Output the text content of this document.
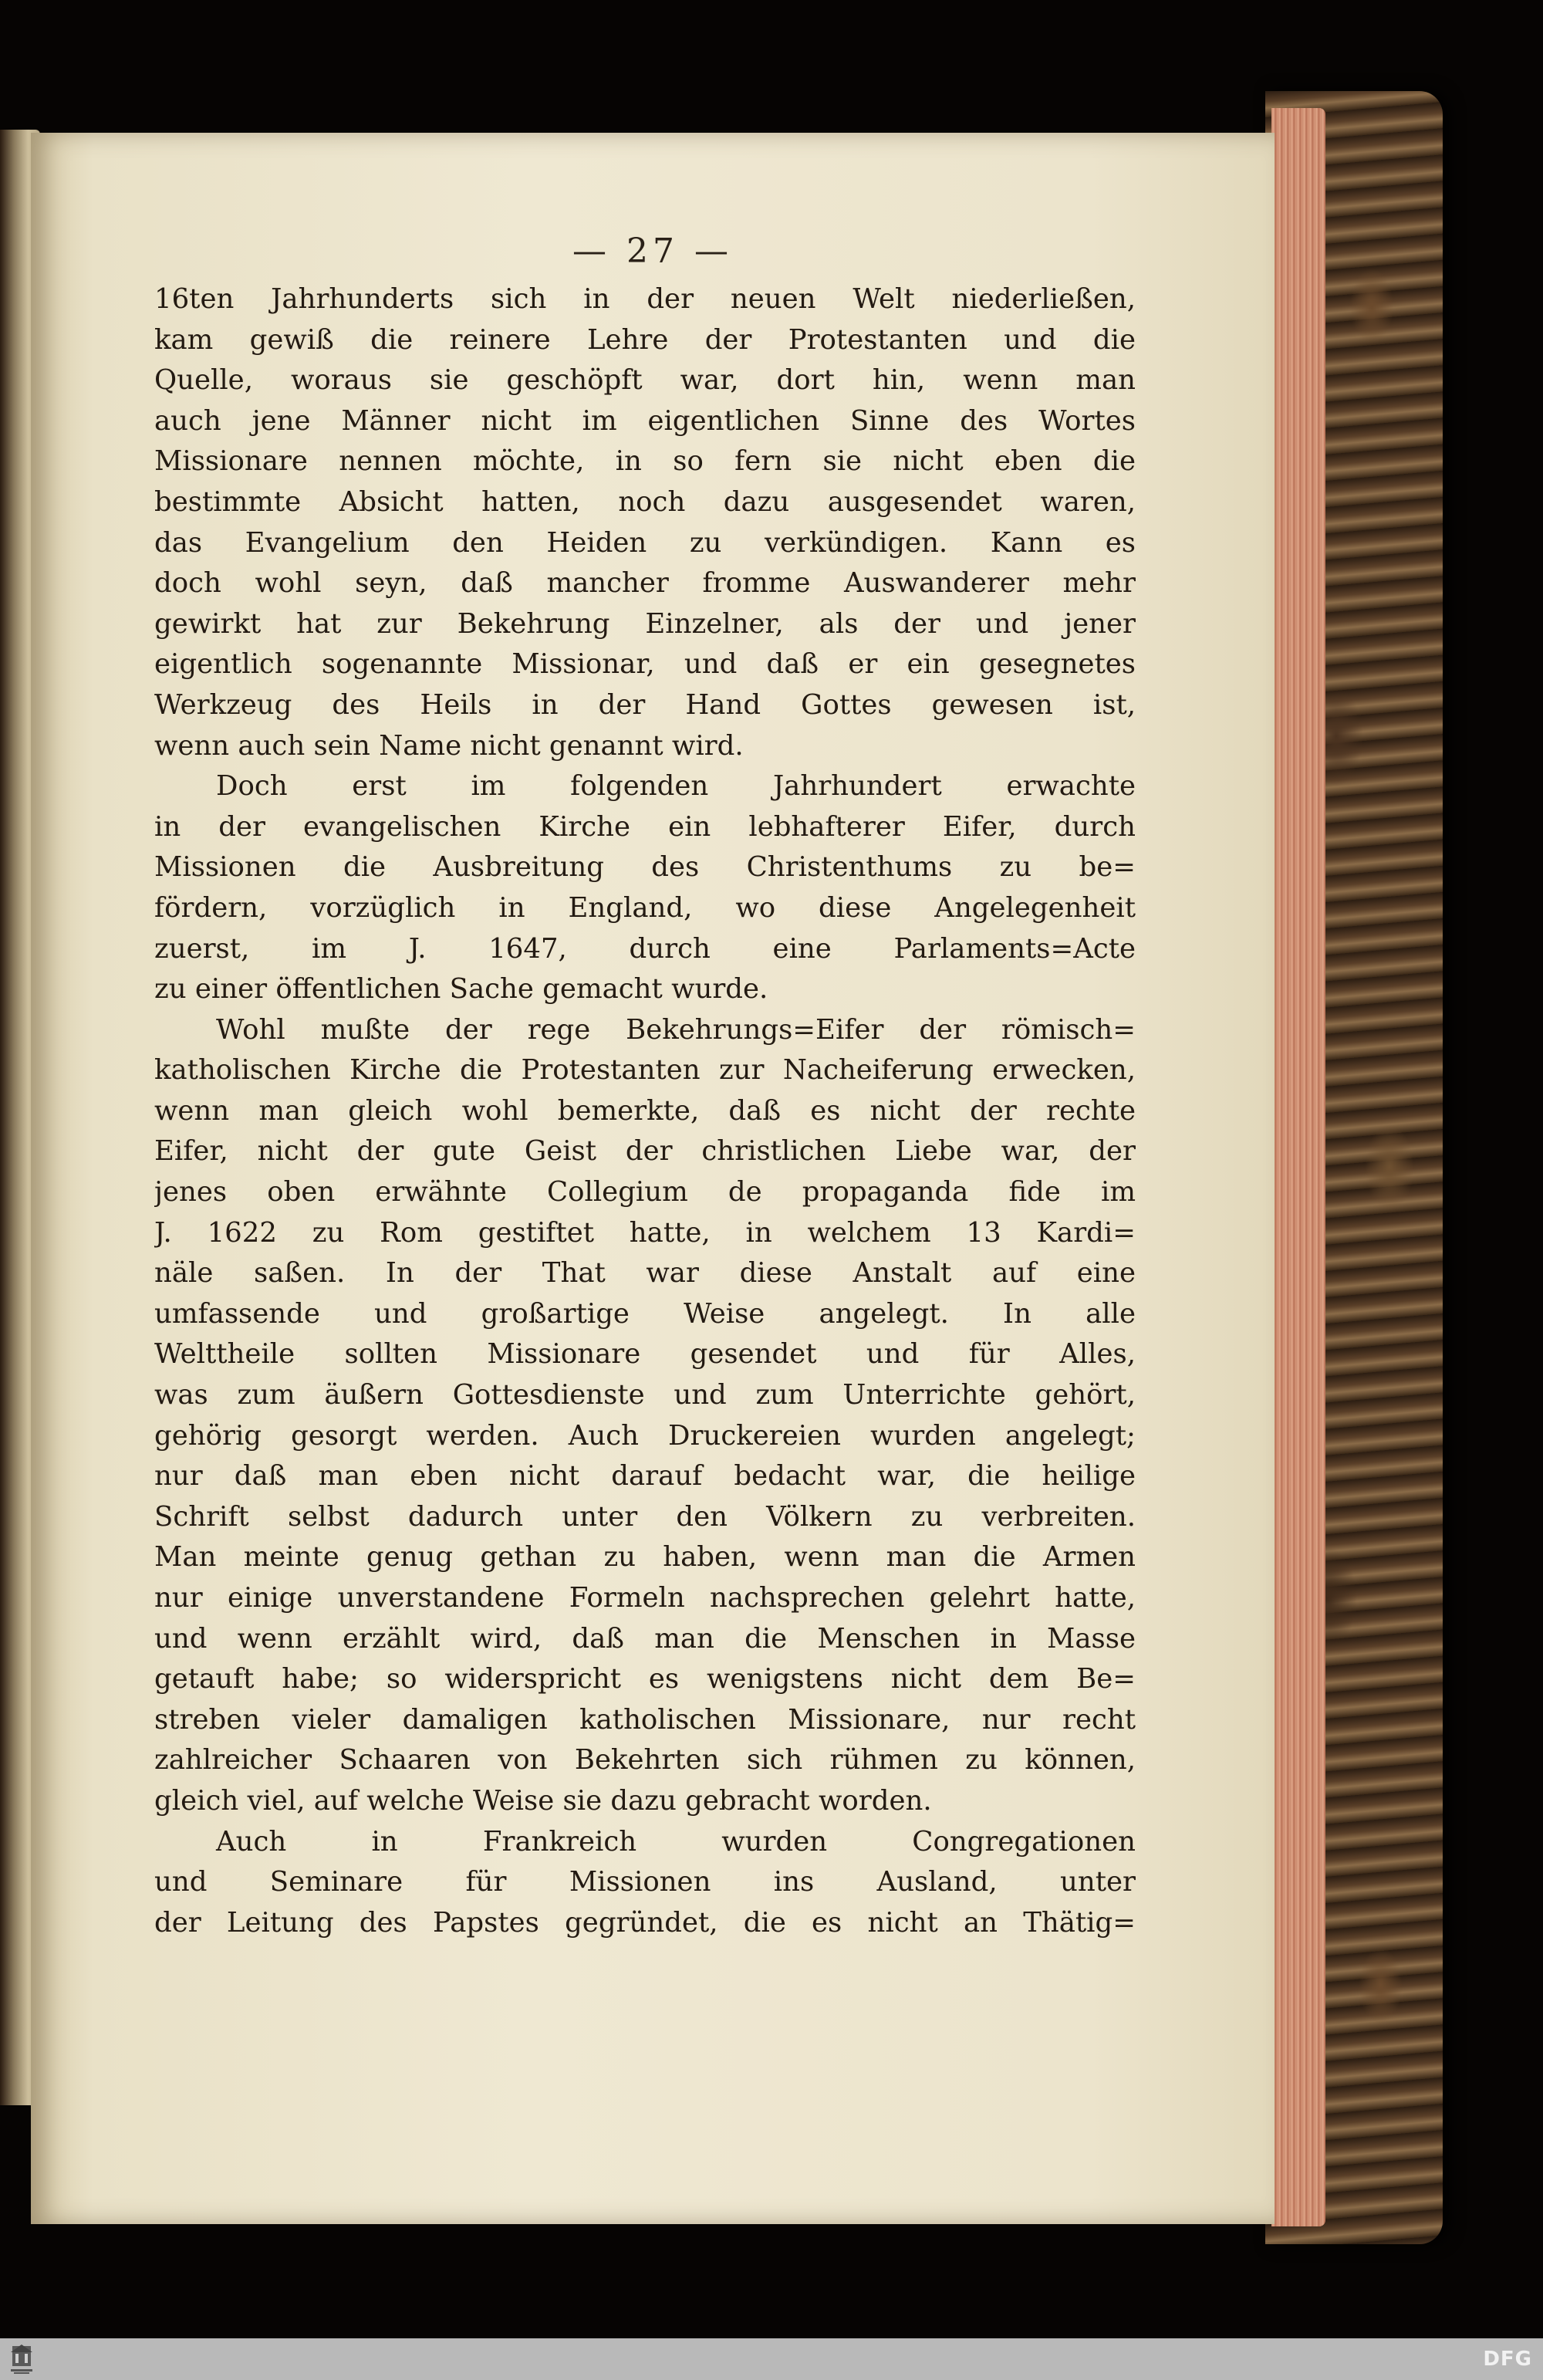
— 27 —
16ten Jahrhunderts sich in der neuen Welt niederließen,
kam gewiß die reinere Lehre der Protestanten und die
Quelle, woraus sie geschöpft war, dort hin, wenn man
auch jene Männer nicht im eigentlichen Sinne des Wortes
Missionare nennen möchte, in so fern sie nicht eben die
bestimmte Absicht hatten, noch dazu ausgesendet waren,
das Evangelium den Heiden zu verkündigen. Kann es
doch wohl seyn, daß mancher fromme Auswanderer mehr
gewirkt hat zur Bekehrung Einzelner, als der und jener
eigentlich sogenannte Missionar, und daß er ein gesegnetes
Werkzeug des Heils in der Hand Gottes gewesen ist,
wenn auch sein Name nicht genannt wird.
Doch erst im folgenden Jahrhundert erwachte
in der evangelischen Kirche ein lebhafterer Eifer, durch
Missionen die Ausbreitung des Christenthums zu be=
fördern, vorzüglich in England, wo diese Angelegenheit
zuerst, im J. 1647, durch eine Parlaments=Acte
zu einer öffentlichen Sache gemacht wurde.
Wohl mußte der rege Bekehrungs=Eifer der römisch=
katholischen Kirche die Protestanten zur Nacheiferung erwecken,
wenn man gleich wohl bemerkte, daß es nicht der rechte
Eifer, nicht der gute Geist der christlichen Liebe war, der
jenes oben erwähnte Collegium de propaganda fide im
J. 1622 zu Rom gestiftet hatte, in welchem 13 Kardi=
näle saßen. In der That war diese Anstalt auf eine
umfassende und großartige Weise angelegt. In alle
Welttheile sollten Missionare gesendet und für Alles,
was zum äußern Gottesdienste und zum Unterrichte gehört,
gehörig gesorgt werden. Auch Druckereien wurden angelegt;
nur daß man eben nicht darauf bedacht war, die heilige
Schrift selbst dadurch unter den Völkern zu verbreiten.
Man meinte genug gethan zu haben, wenn man die Armen
nur einige unverstandene Formeln nachsprechen gelehrt hatte,
und wenn erzählt wird, daß man die Menschen in Masse
getauft habe; so widerspricht es wenigstens nicht dem Be=
streben vieler damaligen katholischen Missionare, nur recht
zahlreicher Schaaren von Bekehrten sich rühmen zu können,
gleich viel, auf welche Weise sie dazu gebracht worden.
Auch in Frankreich wurden Congregationen
und Seminare für Missionen ins Ausland, unter
der Leitung des Papstes gegründet, die es nicht an Thätig=
DFG
